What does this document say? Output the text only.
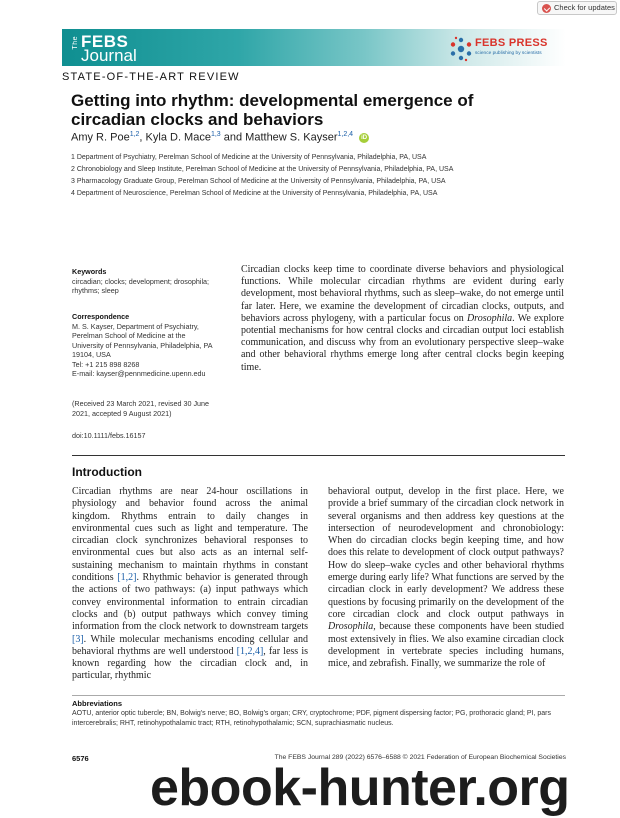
Check for updates
The FEBS
Journal
FEBS PRESS
science publishing by scientists
STATE-OF-THE-ART REVIEW
Getting into rhythm: developmental emergence of circadian clocks and behaviors
Amy R. Poe$^{1,2}$, Kyla D. Mace$^{1,3}$ and Matthew S. Kayser$^{1,2,4}$ iD
1 Department of Psychiatry, Perelman School of Medicine at the University of Pennsylvania, Philadelphia, PA, USA
2 Chronobiology and Sleep Institute, Perelman School of Medicine at the University of Pennsylvania, Philadelphia, PA, USA
3 Pharmacology Graduate Group, Perelman School of Medicine at the University of Pennsylvania, Philadelphia, PA, USA
4 Department of Neuroscience, Perelman School of Medicine at the University of Pennsylvania, Philadelphia, PA, USA
Keywords
circadian; clocks; development; drosophila;
rhythms; sleep
Correspondence
M. S. Kayser, Department of Psychiatry,
Perelman School of Medicine at the
University of Pennsylvania, Philadelphia, PA
19104, USA
Tel: +1 215 898 8268
E-mail: kayser@pennmedicine.upenn.edu
(Received 23 March 2021, revised 30 June
2021, accepted 9 August 2021)
doi:10.1111/febs.16157
Circadian clocks keep time to coordinate diverse behaviors and physiological functions. While molecular circadian rhythms are evident during early development, most behavioral rhythms, such as sleep–wake, do not emerge until far later. Here, we examine the development of circadian clocks, outputs, and behaviors across phylogeny, with a particular focus on Drosophila. We explore potential mechanisms for how central clocks and circadian output loci establish communication, and discuss why from an evolutionary perspective sleep–wake and other behavioral rhythms emerge long after central clocks begin keeping time.
Introduction
Circadian rhythms are near 24-hour oscillations in physiology and behavior found across the animal kingdom. Rhythms entrain to daily changes in environmental cues such as light and temperature. The circadian clock synchronizes behavioral responses to environmental cues but also acts as an internal self-sustaining mechanism to maintain rhythms in constant conditions [1,2]. Rhythmic behavior is generated through the actions of two pathways: (a) input pathways which convey environmental information to entrain circadian clocks and (b) output pathways which convey timing information from the clock network to downstream targets [3]. While molecular mechanisms encoding cellular and behavioral rhythms are well understood [1,2,4], far less is known regarding how the circadian clock and, in particular, rhythmic
behavioral output, develop in the first place. Here, we provide a brief summary of the circadian clock network in several organisms and then address key questions at the intersection of neurodevelopment and chronobiology: When do circadian clocks begin keeping time, and how does this relate to development of clock output pathways? How do sleep–wake cycles and other behavioral rhythms emerge during early life? What functions are served by the circadian clock in early development? We address these questions by focusing primarily on the development of the core circadian clock and clock output pathways in Drosophila, because these components have been studied most extensively in flies. We also examine circadian clock development in vertebrate species including humans, mice, and zebrafish. Finally, we summarize the role of
Abbreviations
AOTU, anterior optic tubercle; BN, Bolwig's nerve; BO, Bolwig's organ; CRY, cryptochrome; PDF, pigment dispersing factor; PG, prothoracic gland; PI, pars intercerebralis; RHT, retinohypothalamic tract; RTH, retinohypothalamic; SCN, suprachiasmatic nucleus.
6576	The FEBS Journal 289 (2022) 6576–6588 © 2021 Federation of European Biochemical Societies
ebook-hunter.org
